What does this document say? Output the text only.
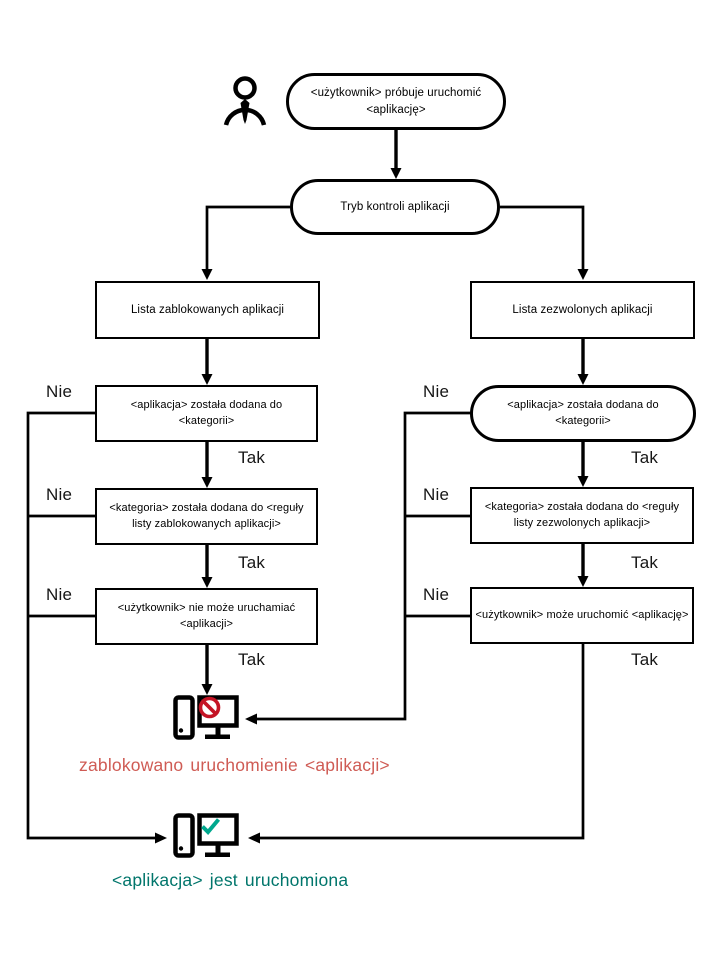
<użytkownik> próbuje uruchomić <aplikację>
Tryb kontroli aplikacji
Lista zablokowanych aplikacji
<aplikacja> została dodana do <kategorii>
<kategoria> została dodana do <reguły listy zablokowanych aplikacji>
<użytkownik> nie może uruchamiać <aplikacji>
Lista zezwolonych aplikacji
<aplikacja> została dodana do <kategorii>
<kategoria> została dodana do <reguły listy zezwolonych aplikacji>
<użytkownik> może uruchomić <aplikację>
Nie
Nie
Nie
Nie
Nie
Nie
Tak
Tak
Tak
Tak
Tak
Tak
zablokowano uruchomienie <aplikacji>
<aplikacja> jest uruchomiona
